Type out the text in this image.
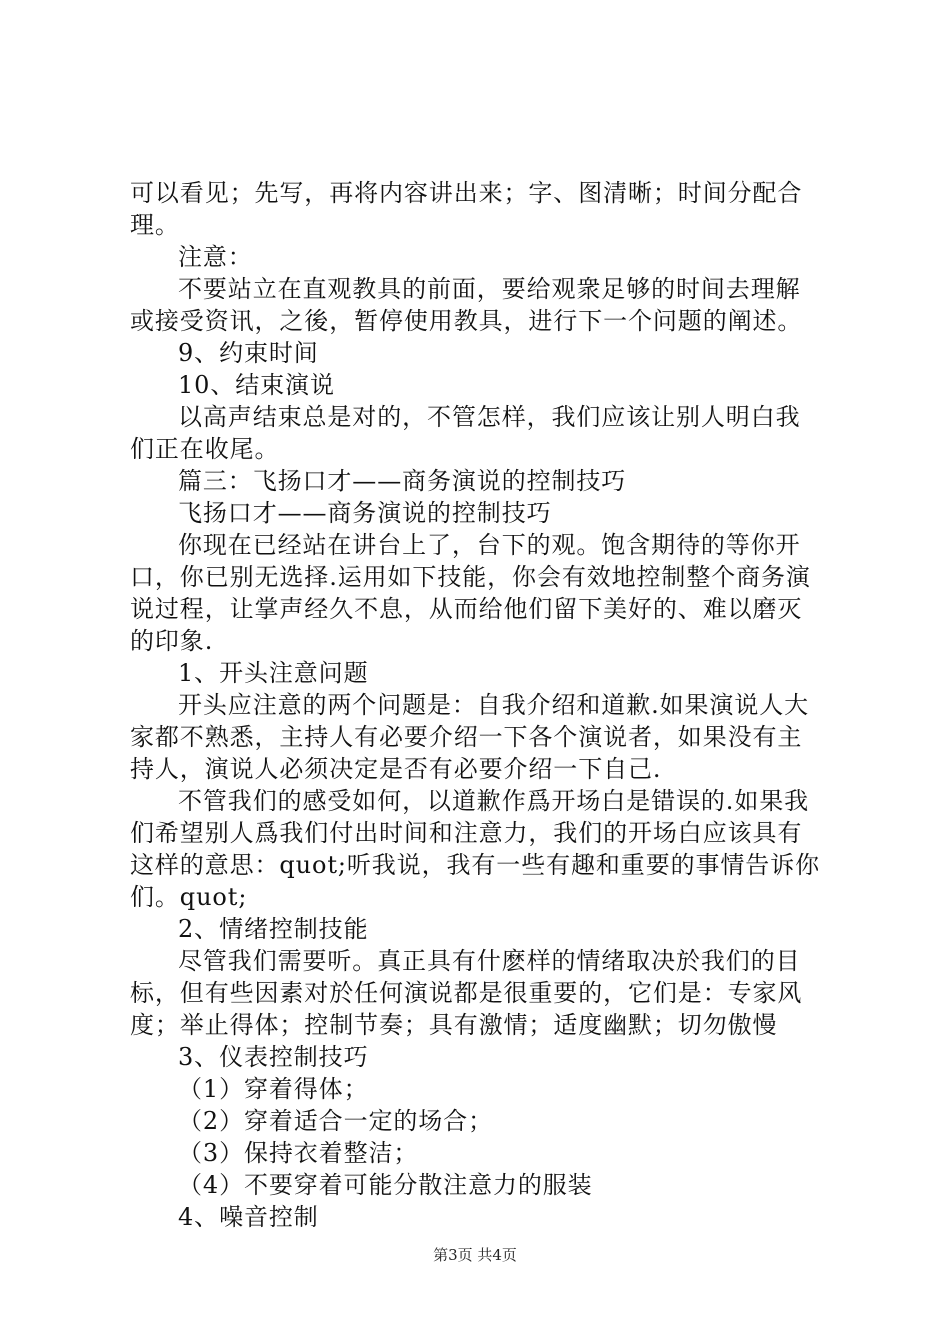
可以看见；先写，再将内容讲出来；字、图清晰；时间分配合
理。
注意：
不要站立在直观教具的前面，要给观衆足够的时间去理解
或接受资讯，之後，暂停使用教具，进行下一个问题的阐述。
9、约束时间
10、结束演说
以高声结束总是对的，不管怎样，我们应该让别人明白我
们正在收尾。
篇三：飞扬口才——商务演说的控制技巧
飞扬口才——商务演说的控制技巧
你现在已经站在讲台上了，台下的观。饱含期待的等你开
口，你已别无选择.运用如下技能，你会有效地控制整个商务演
说过程，让掌声经久不息，从而给他们留下美好的、难以磨灭
的印象.
1、开头注意问题
开头应注意的两个问题是：自我介绍和道歉.如果演说人大
家都不熟悉，主持人有必要介绍一下各个演说者，如果没有主
持人，演说人必须决定是否有必要介绍一下自己.
不管我们的感受如何，以道歉作爲开场白是错误的.如果我
们希望别人爲我们付出时间和注意力，我们的开场白应该具有
这样的意思：quot;听我说，我有一些有趣和重要的事情告诉你
们。quot;
2、情绪控制技能
尽管我们需要听。真正具有什麽样的情绪取决於我们的目
标，但有些因素对於任何演说都是很重要的，它们是：专家风
度；举止得体；控制节奏；具有激情；适度幽默；切勿傲慢
3、仪表控制技巧
（1）穿着得体；
（2）穿着适合一定的场合；
（3）保持衣着整洁；
（4）不要穿着可能分散注意力的服装
4、噪音控制
第3页 共4页
